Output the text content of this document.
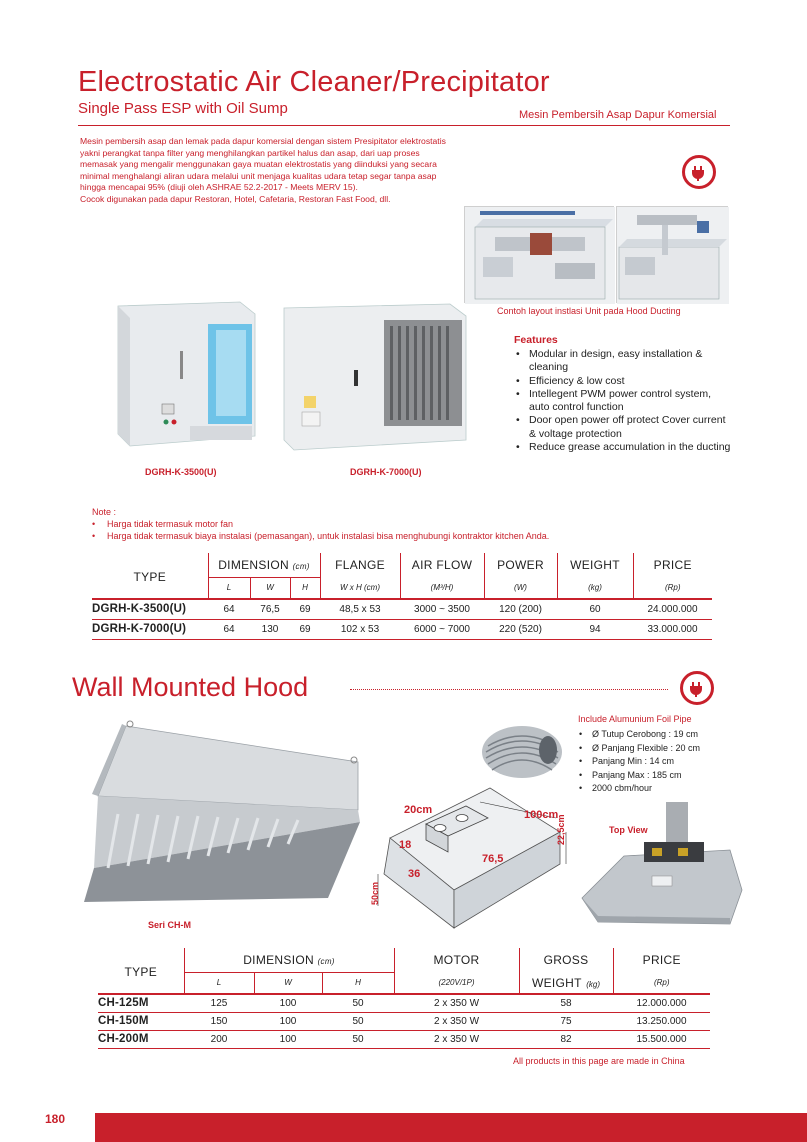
Electrostatic Air Cleaner/Precipitator
Single Pass ESP with Oil Sump	Mesin Pembersih Asap Dapur Komersial

Mesin pembersih asap dan lemak pada dapur komersial dengan sistem Presipitator elektrostatis yakni perangkat tanpa filter yang menghilangkan partikel halus dan asap, dari uap proses memasak yang mengalir menggunakan gaya muatan elektrostatis yang diinduksi yang secara minimal menghalangi aliran udara melalui unit menjaga kualitas udara tetap segar tanpa asap hingga mencapai 95% (diuji oleh ASHRAE 52.2-2017 - Meets MERV 15).

Cocok digunakan pada dapur Restoran, Hotel, Cafetaria, Restoran Fast Food, dll.

Contoh layout instlasi Unit pada Hood Ducting
DGRH-K-3500(U)	DGRH-K-7000(U)
Features
• Modular in design, easy installation & cleaning
• Efficiency & low cost
• Intellegent PWM power control system, auto control function
• Door open power off protect Cover current & voltage protection
• Reduce grease accumulation in the ducting
Note :
• Harga tidak termasuk motor fan
• Harga tidak termasuk biaya instalasi (pemasangan), untuk instalasi bisa menghubungi kontraktor kitchen Anda.
TYPE	DIMENSION (cm)			FLANGE	AIR FLOW	POWER	WEIGHT	PRICE
	L	W	H	W x H (cm)	(M³/H)	(W)	(kg)	(Rp)
DGRH-K-3500(U)	64	76,5	69	48,5 x 53	3000 ~ 3500	120 (200)	60	24.000.000
DGRH-K-7000(U)	64	130	69	102 x 53	6000 ~ 7000	220 (520)	94	33.000.000
Wall Mounted Hood
Seri CH-M
Include Alumunium Foil Pipe
• Ø Tutup Cerobong : 19 cm
• Ø Panjang Flexible : 20 cm
• Panjang Min : 14 cm
• Panjang Max : 185 cm
• 2000 cbm/hour
20cm	100cm
18
76,5
36
22,5cm
50cm
Top View
TYPE	DIMENSION (cm)			MOTOR	GROSS	PRICE
	L	W	H	(220V/1P)	WEIGHT (kg)	(Rp)
CH-125M	125	100	50	2 x 350 W	58	12.000.000
CH-150M	150	100	50	2 x 350 W	75	13.250.000
CH-200M	200	100	50	2 x 350 W	82	15.500.000
All products in this page are made in China
180
